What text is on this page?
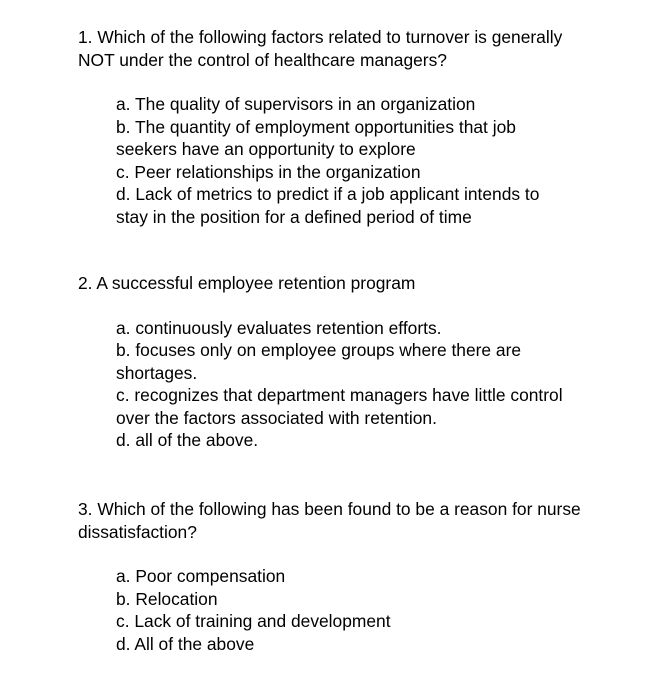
1. Which of the following factors related to turnover is generally NOT under the control of healthcare managers?

a. The quality of supervisors in an organization
b. The quantity of employment opportunities that job seekers have an opportunity to explore
c. Peer relationships in the organization
d. Lack of metrics to predict if a job applicant intends to stay in the position for a defined period of time

2. A successful employee retention program

a. continuously evaluates retention efforts.
b. focuses only on employee groups where there are shortages.
c. recognizes that department managers have little control over the factors associated with retention.
d. all of the above.

3. Which of the following has been found to be a reason for nurse dissatisfaction?

a. Poor compensation
b. Relocation
c. Lack of training and development
d. All of the above
